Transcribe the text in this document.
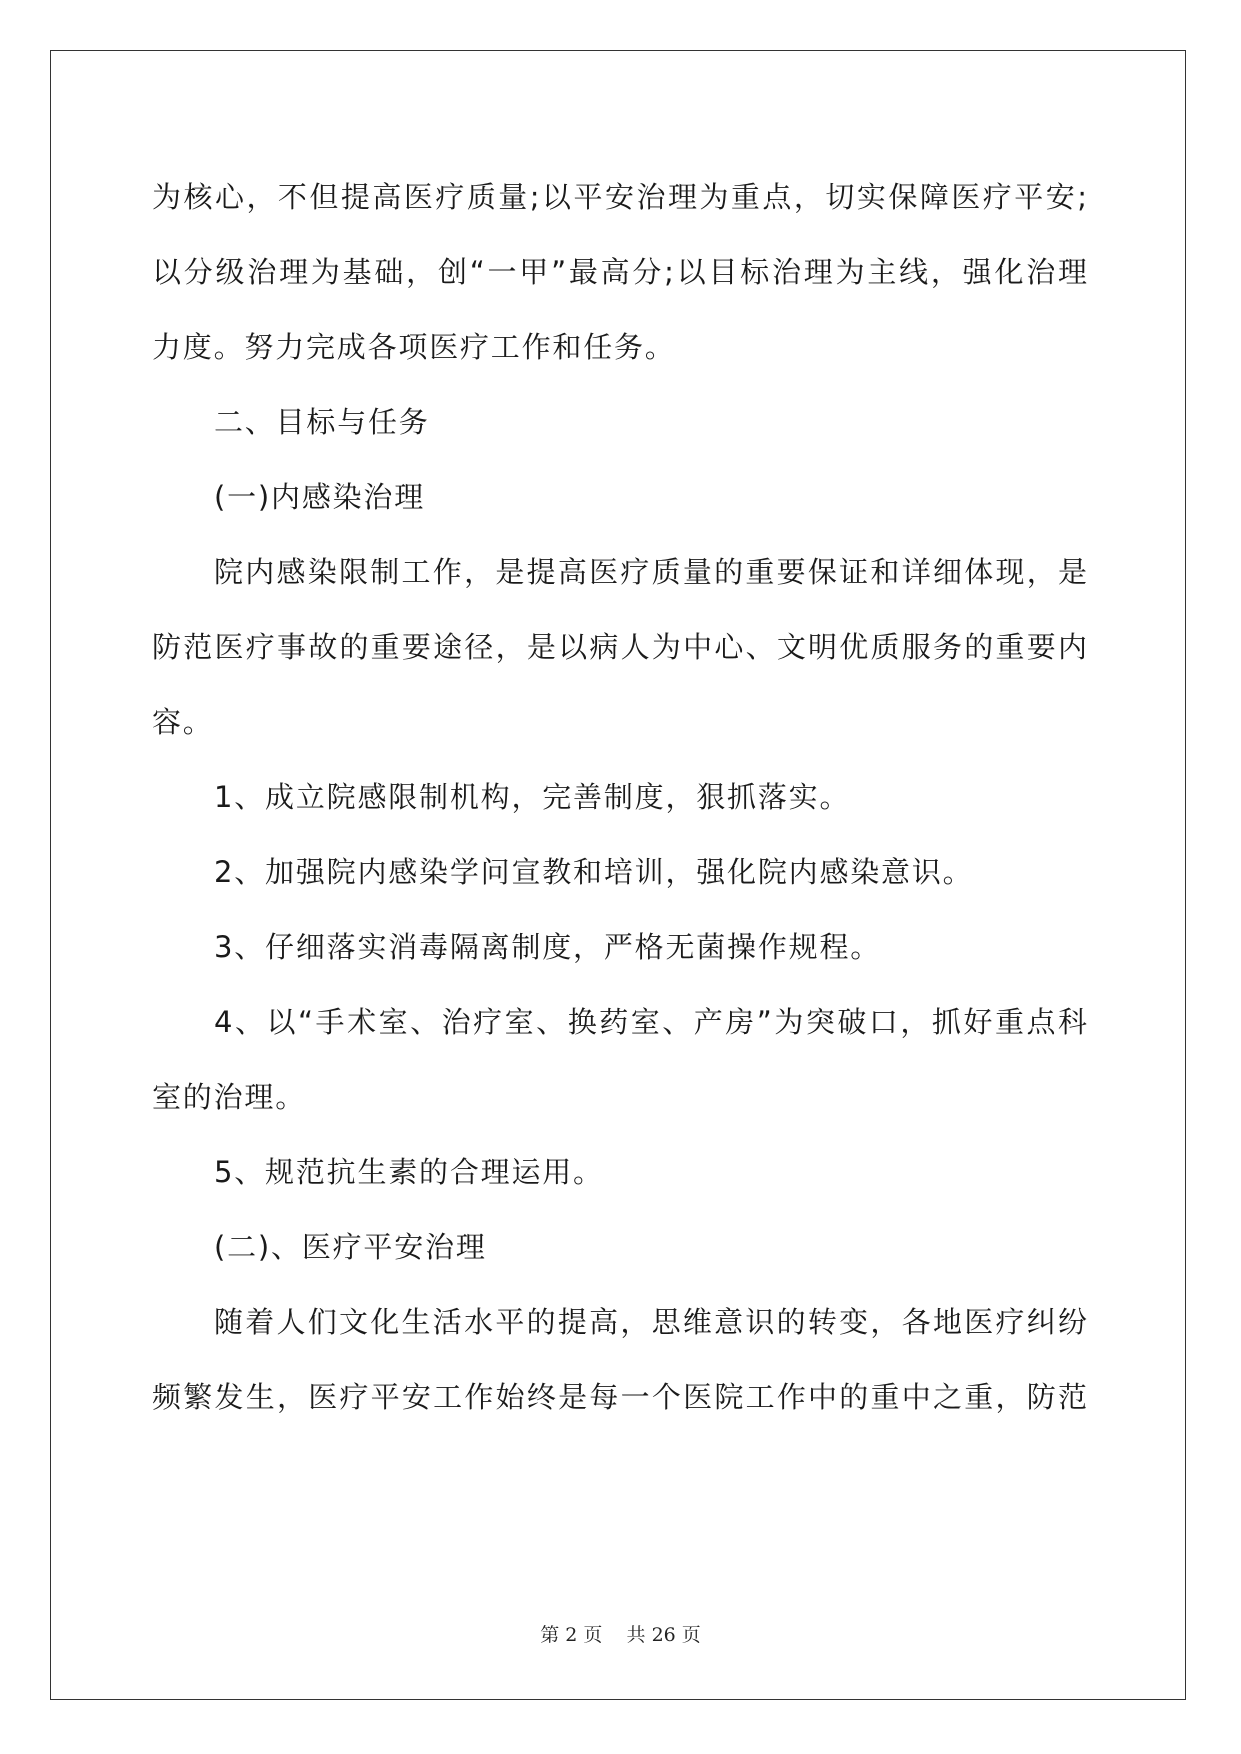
为核心，不但提高医疗质量;以平安治理为重点，切实保障医疗平安;
以分级治理为基础，创“一甲”最高分;以目标治理为主线，强化治理
力度。努力完成各项医疗工作和任务。
二、目标与任务
(一)内感染治理
院内感染限制工作，是提高医疗质量的重要保证和详细体现，是
防范医疗事故的重要途径，是以病人为中心、文明优质服务的重要内
容。
1、成立院感限制机构，完善制度，狠抓落实。
2、加强院内感染学问宣教和培训，强化院内感染意识。
3、仔细落实消毒隔离制度，严格无菌操作规程。
4、以“手术室、治疗室、换药室、产房”为突破口，抓好重点科
室的治理。
5、规范抗生素的合理运用。
(二)、医疗平安治理
随着人们文化生活水平的提高，思维意识的转变，各地医疗纠纷
频繁发生，医疗平安工作始终是每一个医院工作中的重中之重，防范
第 2 页    共 26 页
